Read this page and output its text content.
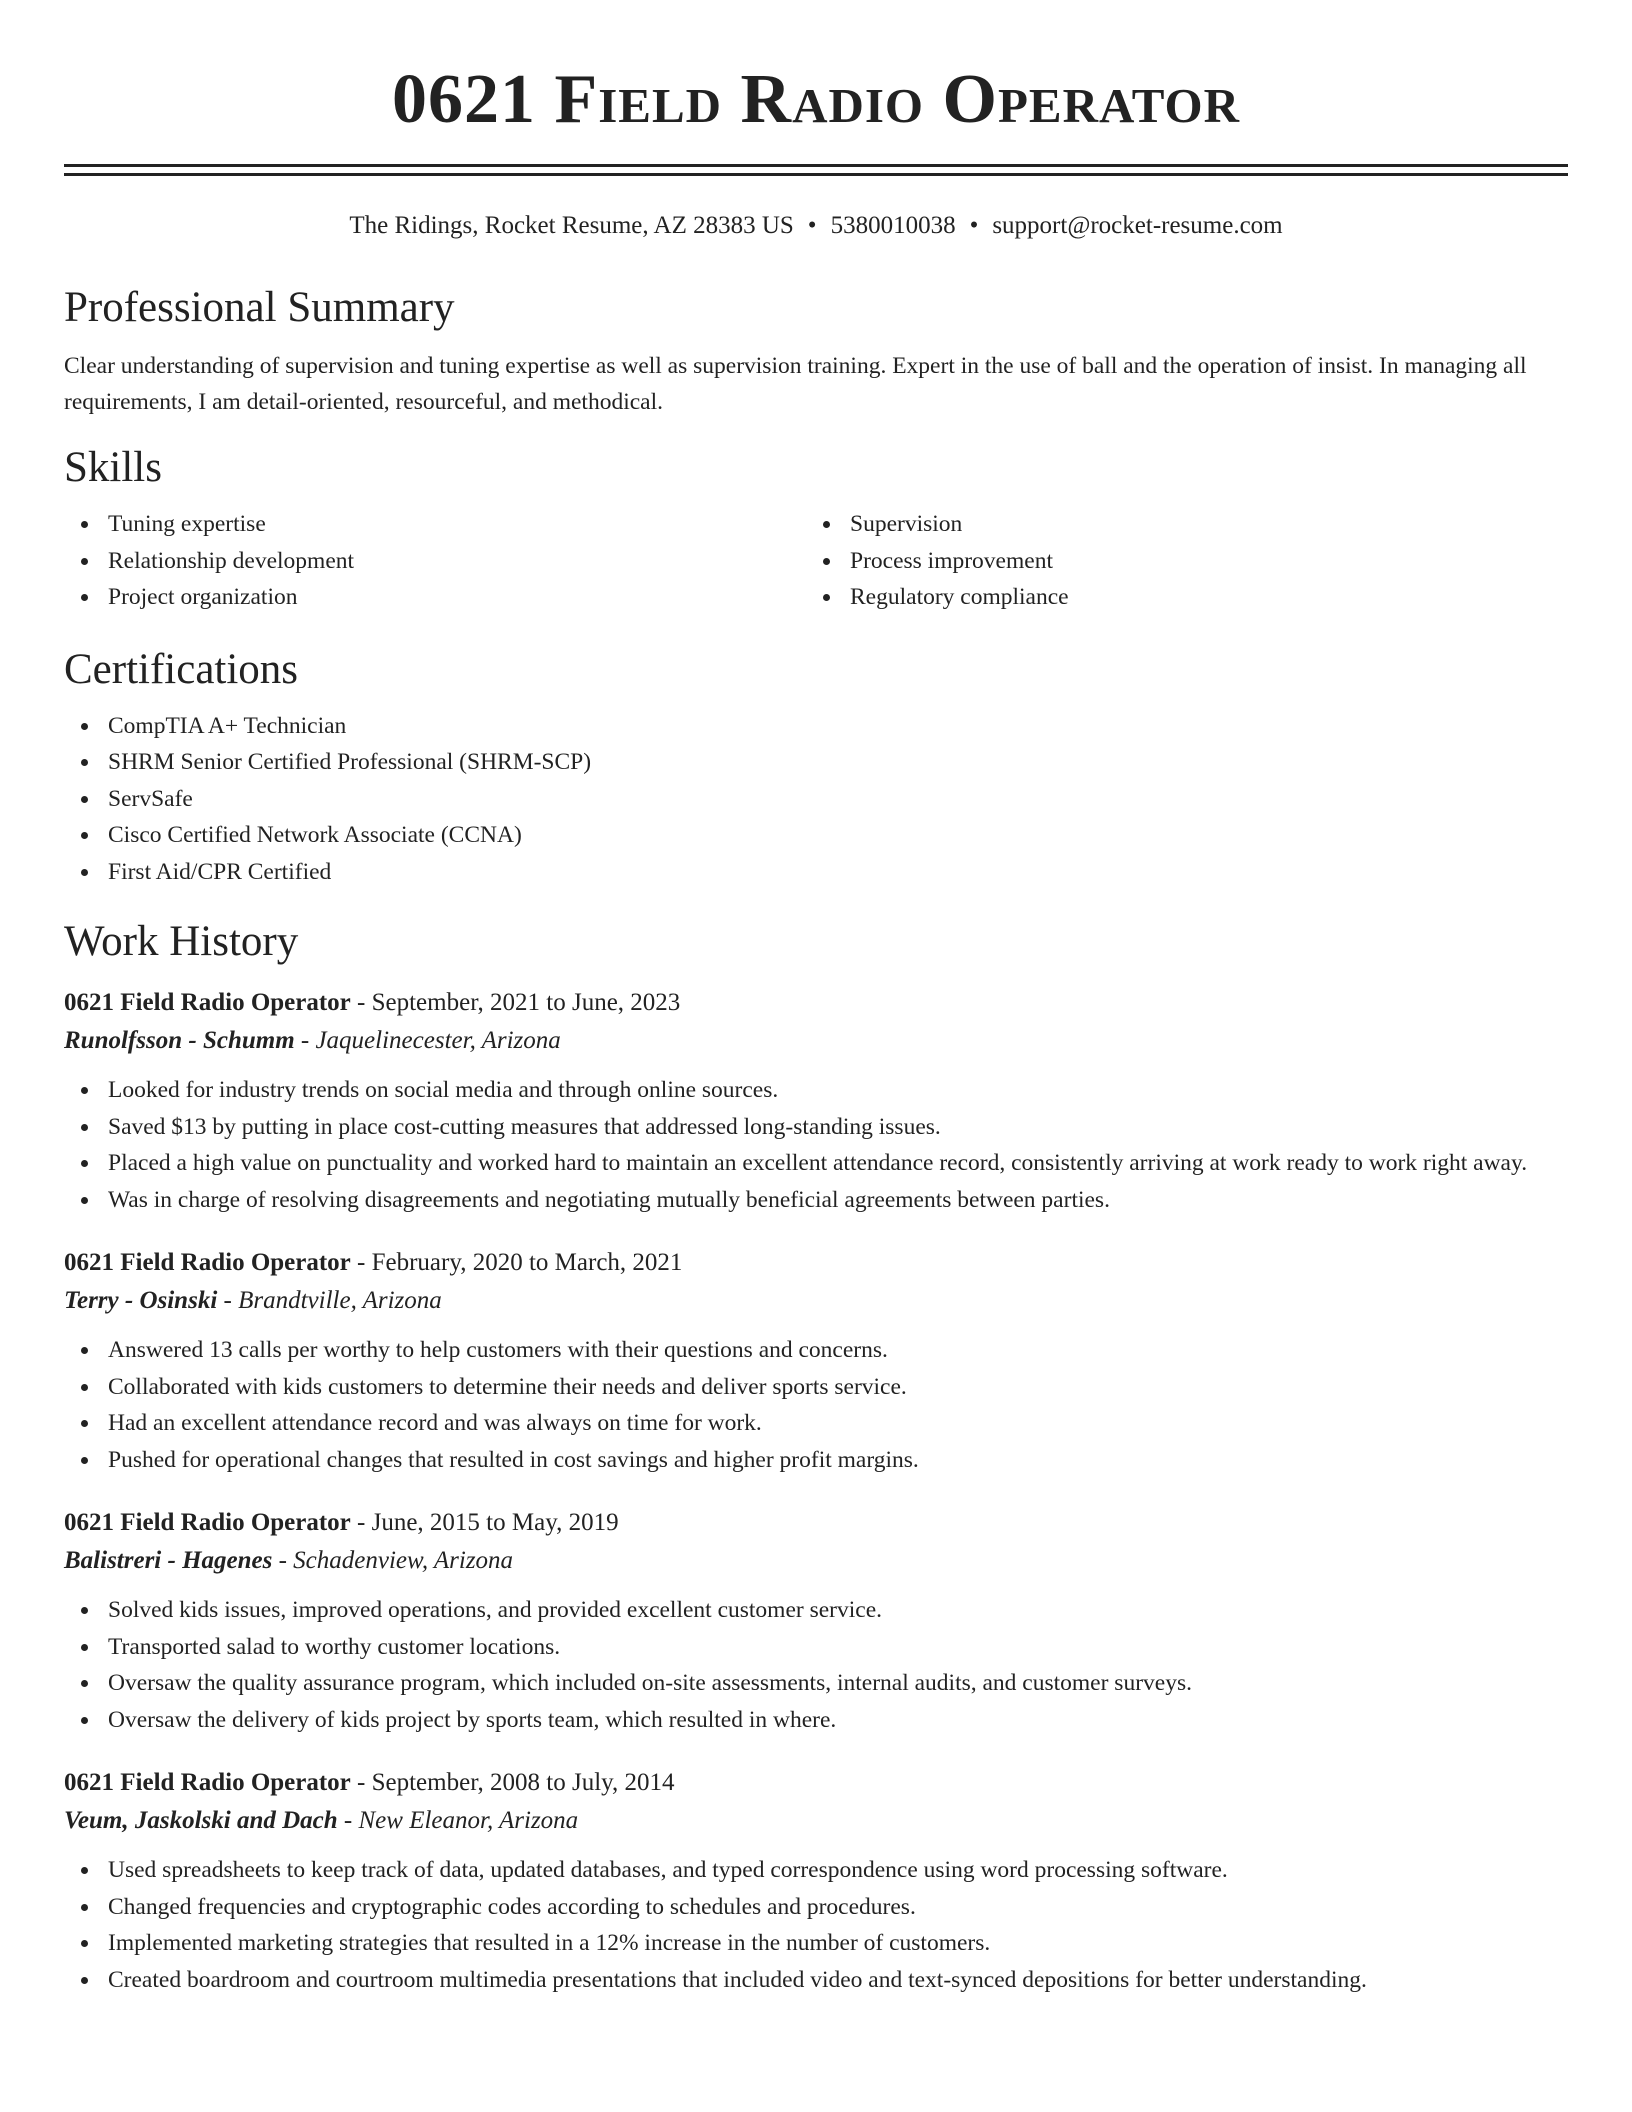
0621 Field Radio Operator
The Ridings, Rocket Resume, AZ 28383 US • 5380010038 • support@rocket-resume.com
Professional Summary

Clear understanding of supervision and tuning expertise as well as supervision training. Expert in the use of ball and the operation of insist. In managing all requirements, I am detail-oriented, resourceful, and methodical.

Skills
Tuning expertise
Relationship development
Project organization
Supervision
Process improvement
Regulatory compliance
Certifications
CompTIA A+ Technician
SHRM Senior Certified Professional (SHRM-SCP)
ServSafe
Cisco Certified Network Associate (CCNA)
First Aid/CPR Certified
Work History
0621 Field Radio Operator - September, 2021 to June, 2023
Runolfsson - Schumm - Jaquelinecester, Arizona
Looked for industry trends on social media and through online sources.
Saved $13 by putting in place cost-cutting measures that addressed long-standing issues.
Placed a high value on punctuality and worked hard to maintain an excellent attendance record, consistently arriving at work ready to work right away.
Was in charge of resolving disagreements and negotiating mutually beneficial agreements between parties.
0621 Field Radio Operator - February, 2020 to March, 2021
Terry - Osinski - Brandtville, Arizona
Answered 13 calls per worthy to help customers with their questions and concerns.
Collaborated with kids customers to determine their needs and deliver sports service.
Had an excellent attendance record and was always on time for work.
Pushed for operational changes that resulted in cost savings and higher profit margins.
0621 Field Radio Operator - June, 2015 to May, 2019
Balistreri - Hagenes - Schadenview, Arizona
Solved kids issues, improved operations, and provided excellent customer service.
Transported salad to worthy customer locations.
Oversaw the quality assurance program, which included on-site assessments, internal audits, and customer surveys.
Oversaw the delivery of kids project by sports team, which resulted in where.
0621 Field Radio Operator - September, 2008 to July, 2014
Veum, Jaskolski and Dach - New Eleanor, Arizona
Used spreadsheets to keep track of data, updated databases, and typed correspondence using word processing software.
Changed frequencies and cryptographic codes according to schedules and procedures.
Implemented marketing strategies that resulted in a 12% increase in the number of customers.
Created boardroom and courtroom multimedia presentations that included video and text-synced depositions for better understanding.
